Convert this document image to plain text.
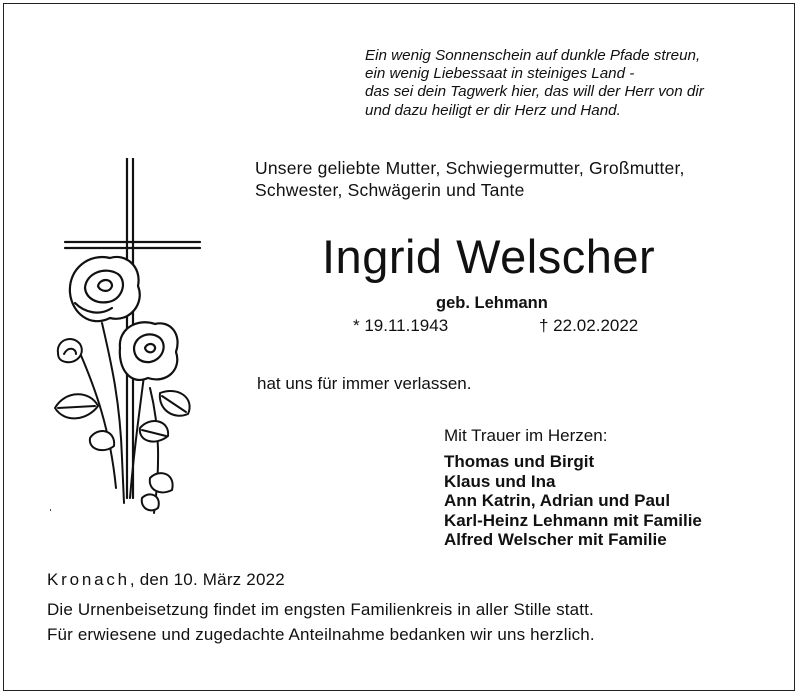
Ein wenig Sonnenschein auf dunkle Pfade streun,
ein wenig Liebessaat in steiniges Land -
das sei dein Tagwerk hier, das will der Herr von dir
und dazu heiligt er dir Herz und Hand.
Unsere geliebte Mutter, Schwiegermutter, Großmutter,
Schwester, Schwägerin und Tante
Ingrid Welscher
geb. Lehmann
* 19.11.1943	† 22.02.2022
hat uns für immer verlassen.
Mit Trauer im Herzen:
Thomas und Birgit
Klaus und Ina
Ann Katrin, Adrian und Paul
Karl-Heinz Lehmann mit Familie
Alfred Welscher mit Familie
Kronach, den 10. März 2022
Die Urnenbeisetzung findet im engsten Familienkreis in aller Stille statt.
Für erwiesene und zugedachte Anteilnahme bedanken wir uns herzlich.
